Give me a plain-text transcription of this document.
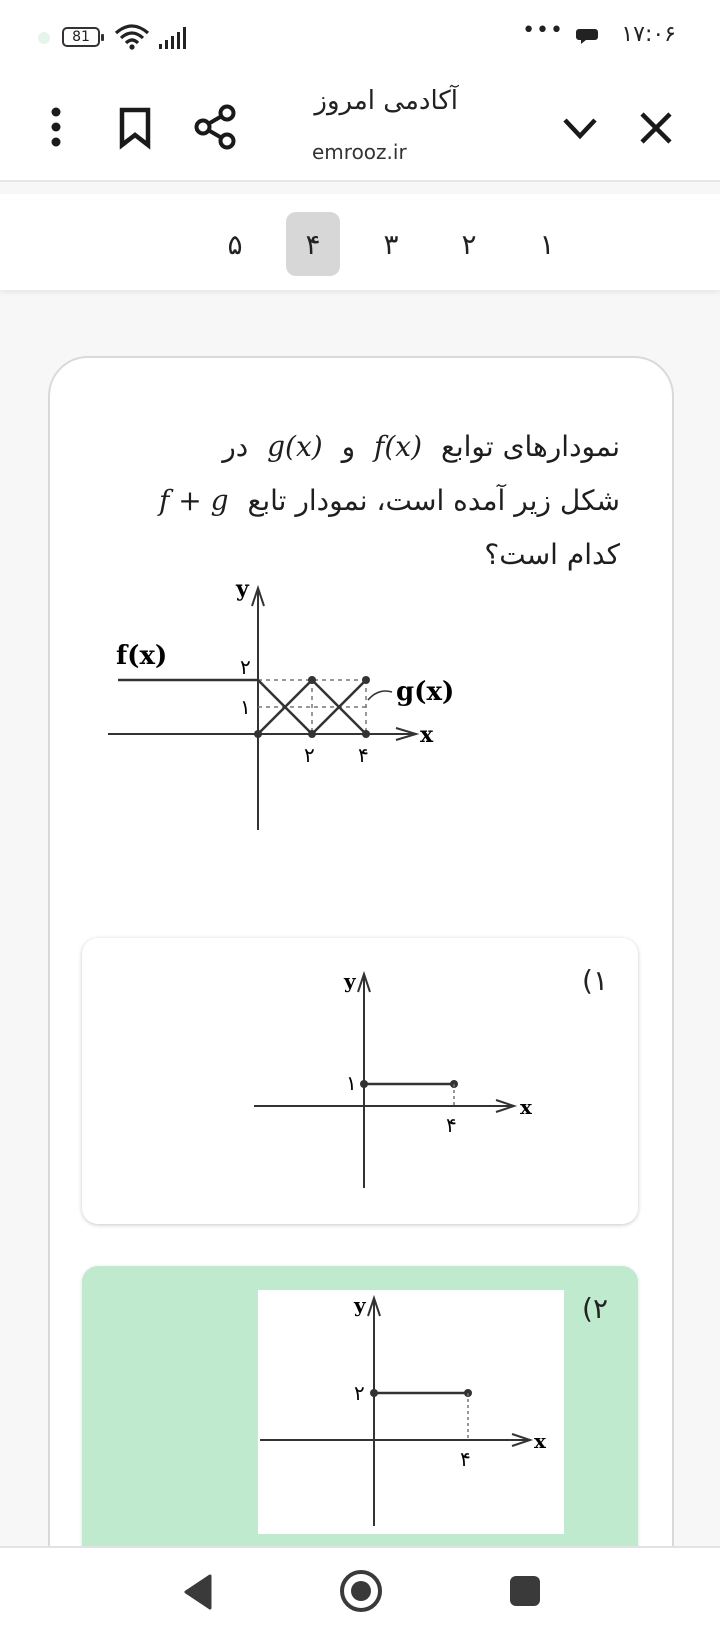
۱۷:۰۶
•••
81
آکادمی امروز
emrooz.ir
۱
۲
۳
۴
۵
نمودارهای توابع f(x) و g(x) در
شکل زیر آمده است، نمودار تابع f + g
کدام است؟
y
x
f(x)
g(x)
۲
۱
۲ ۴
۱)
y
x
۱
۴
۲)
y
x
۲
۴
